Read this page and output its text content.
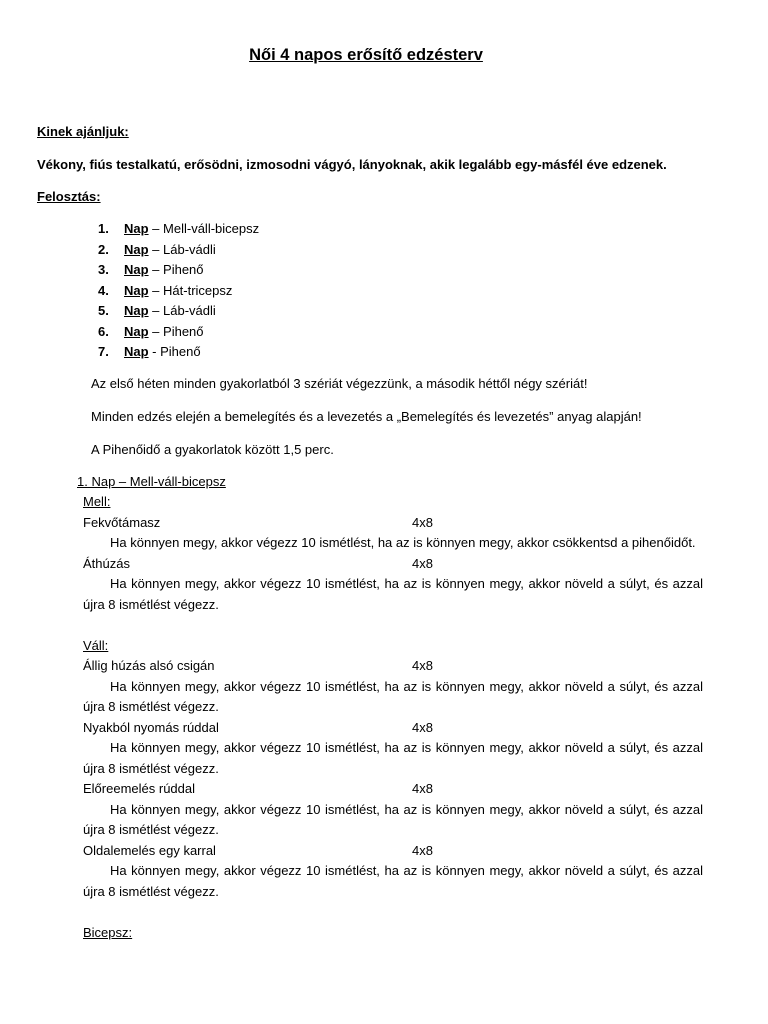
Női 4 napos erősítő edzésterv
Kinek ajánljuk:
Vékony, fiús testalkatú, erősödni, izmosodni vágyó, lányoknak, akik legalább egy-másfél éve edzenek.
Felosztás:
1. Nap – Mell-váll-bicepsz
2. Nap – Láb-vádli
3. Nap – Pihenő
4. Nap – Hát-tricepsz
5. Nap – Láb-vádli
6. Nap – Pihenő
7. Nap - Pihenő
Az első héten minden gyakorlatból 3 szériát végezzünk, a második héttől négy szériát!
Minden edzés elején a bemelegítés és a levezetés a „Bemelegítés és levezetés” anyag alapján!
A Pihenőidő a gyakorlatok között 1,5 perc.
1. Nap – Mell-váll-bicepsz
Mell:
Fekvőtámasz	4x8
Ha könnyen megy, akkor végezz 10 ismétlést, ha az is könnyen megy, akkor csökkentsd a pihenőidőt.
Áthúzás	4x8
Ha könnyen megy, akkor végezz 10 ismétlést, ha az is könnyen megy, akkor növeld a súlyt, és azzal újra 8 ismétlést végezz.
Váll:
Állig húzás alsó csigán	4x8
Ha könnyen megy, akkor végezz 10 ismétlést, ha az is könnyen megy, akkor növeld a súlyt, és azzal újra 8 ismétlést végezz.
Nyakból nyomás rúddal	4x8
Ha könnyen megy, akkor végezz 10 ismétlést, ha az is könnyen megy, akkor növeld a súlyt, és azzal újra 8 ismétlést végezz.
Előreemelés rúddal	4x8
Ha könnyen megy, akkor végezz 10 ismétlést, ha az is könnyen megy, akkor növeld a súlyt, és azzal újra 8 ismétlést végezz.
Oldalemelés egy karral	4x8
Ha könnyen megy, akkor végezz 10 ismétlést, ha az is könnyen megy, akkor növeld a súlyt, és azzal újra 8 ismétlést végezz.
Bicepsz:
